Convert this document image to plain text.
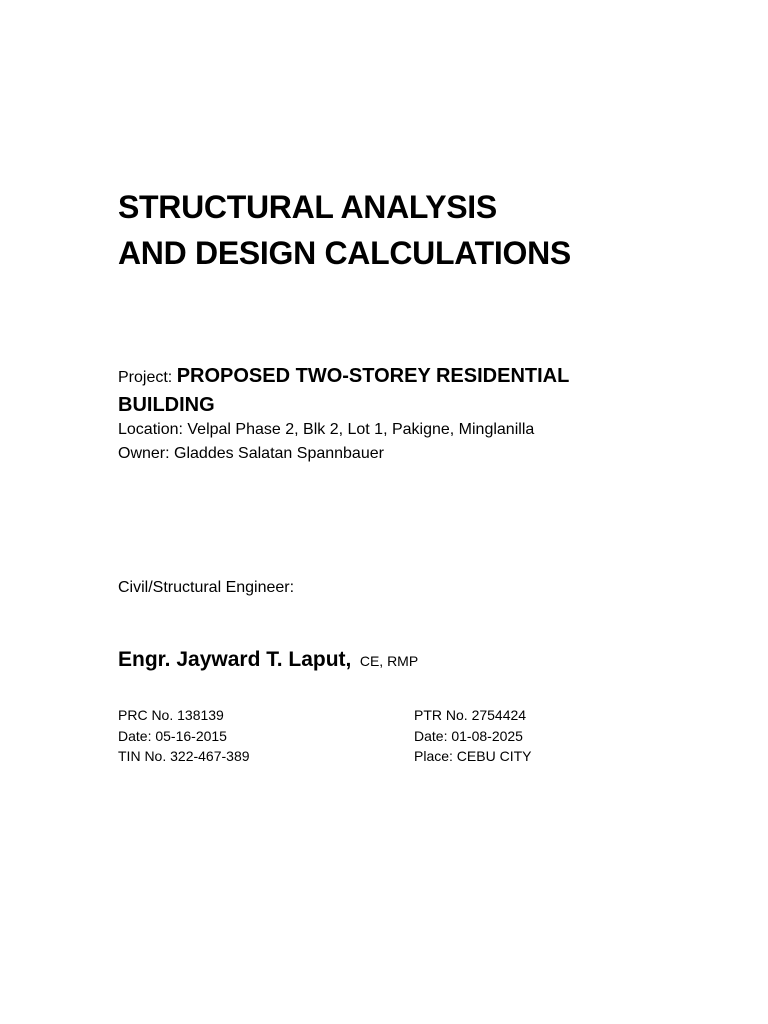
STRUCTURAL ANALYSIS
AND DESIGN CALCULATIONS
Project: PROPOSED TWO-STOREY RESIDENTIAL
BUILDING
Location: Velpal Phase 2, Blk 2, Lot 1, Pakigne, Minglanilla
Owner: Gladdes Salatan Spannbauer
Civil/Structural Engineer:
Engr. Jayward T. Laput, CE, RMP
PRC No. 138139
Date: 05-16-2015
TIN No. 322-467-389
PTR No. 2754424
Date: 01-08-2025
Place: CEBU CITY
